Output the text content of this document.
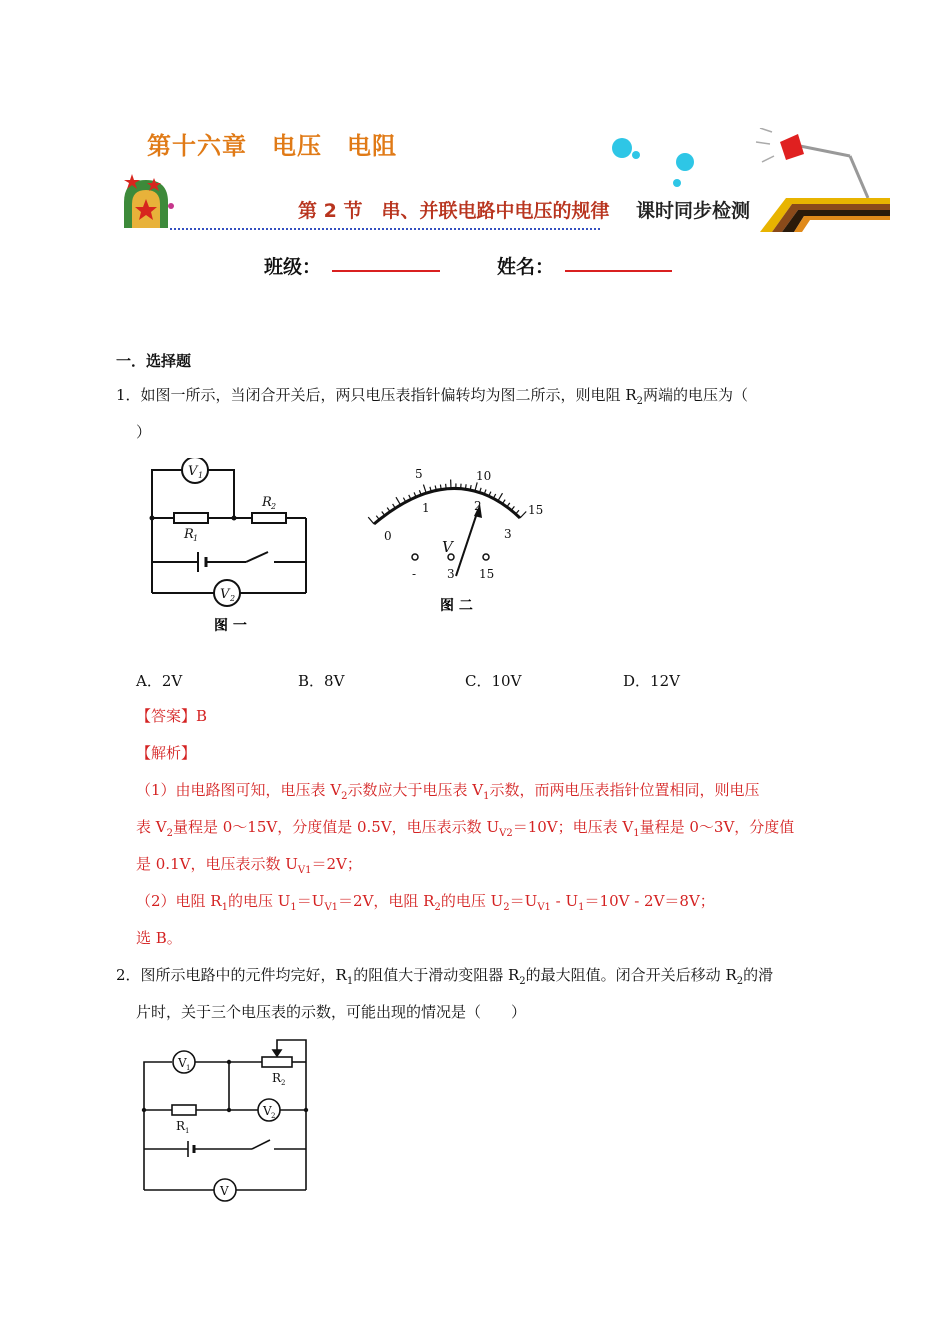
第十六章　电压　电阻
第 2 节　串、并联电路中电压的规律 课时同步检测
班级：	姓名：
一．选择题
1．如图一所示，当闭合开关后，两只电压表指针偏转均为图二所示，则电阻 $R_2$两端的电压为（
）
V 1
V 2
R 1
R 2
图 一
5	10
15
0
1	2
3
V
-	3 15
图 二
A．2V	B．8V	C．10V	D．12V
【答案】B
【解析】
（1）由电路图可知，电压表 $V_2$示数应大于电压表 $V_1$示数，而两电压表指针位置相同，则电压
表 $V_2$量程是 0～15V，分度值是 0.5V，电压表示数 $U_{V2}=10V$；电压表 $V_1$量程是 0～3V，分度值
是 0.1V，电压表示数 $U_{V1}=2V$；
（2）电阻 $R_1$的电压 $U_1=U_{V1}=2V$，电阻 $R_2$的电压 $U_2=U_{V1} - U_1=10V - 2V=8V$；
选 B。
2．图所示电路中的元件均完好，$R_1$的阻值大于滑动变阻器 $R_2$的最大阻值。闭合开关后移动 $R_2$的滑
片时，关于三个电压表的示数，可能出现的情况是（　　）
V 1
V 2
V
R 1
R 2
